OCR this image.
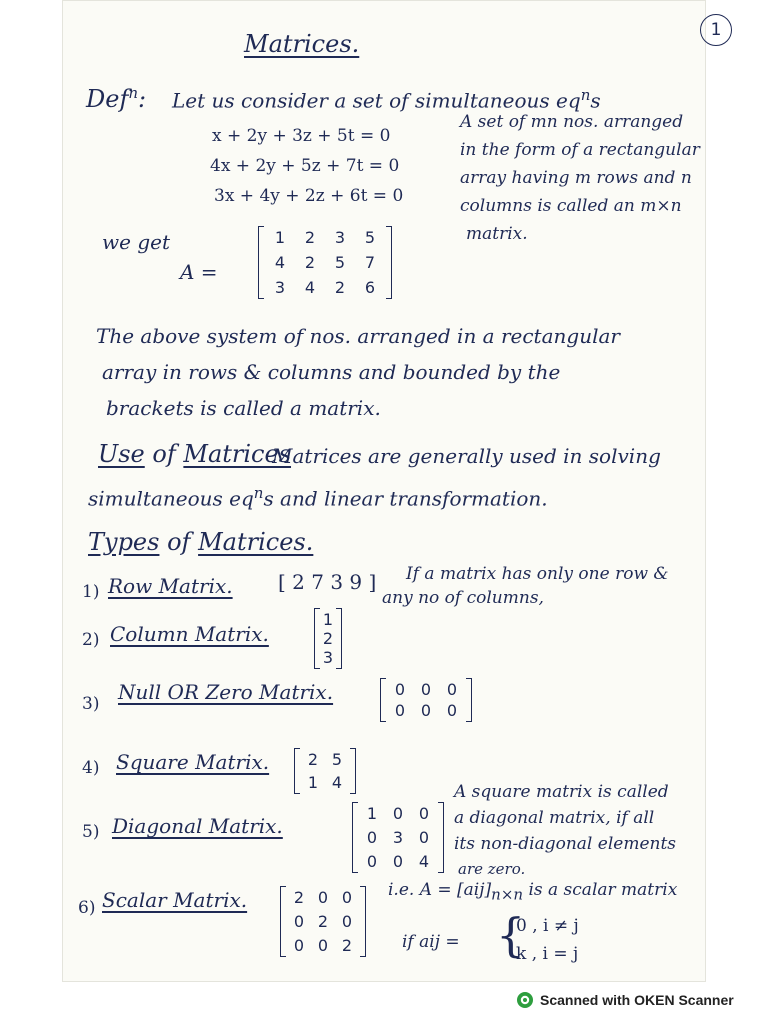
1
Matrices.
Def$^n$: Let us consider a set of simultaneous $eq^ns$
x + 2y + 3z + 5t = 0
4x + 2y + 5z + 7t = 0
3x + 4y + 2z + 6t = 0
A set of mn nos. arranged
in the form of a rectangular
array having m rows and n
columns is called an m×n
matrix.
we get
A =
1	2	3	5
4	2	5	7
3	4	2	6
The above system of nos. arranged in a rectangular
array in rows & columns and bounded by the
brackets is called a matrix.
Use of Matrices
Matrices are generally used in solving
simultaneous $eq^ns$ and linear transformation.
Types of Matrices.
1) Row Matrix. [ 2 7 3 9 ] If a matrix has only one row &
any no of columns,
2) Column Matrix.
1
2
3
3) Null OR Zero Matrix.	0 0 0
0 0 0
4) Square Matrix.	2 5
1 4
5) Diagonal Matrix.
1 0 0
0 3 0
0 0 4
A square matrix is called
a diagonal matrix, if all
its non-diagonal elements
are zero.
6) Scalar Matrix.	2 0 0
0 2 0
0 0 2
i.e. $A = [aij]_{n\times n}$ is a scalar matrix
if aij = {
0 , i ≠ j
k , i = j
Scanned with OKEN Scanner
